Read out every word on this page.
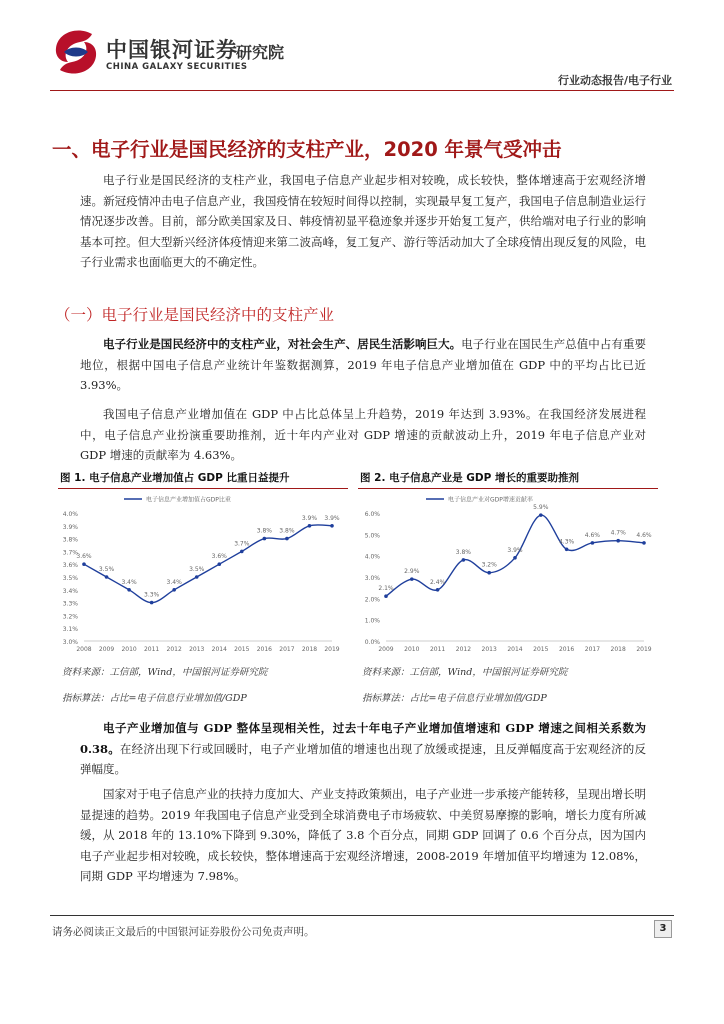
中国银河证券
CHINA GALAXY SECURITIES
研究院
行业动态报告/电子行业
一、电子行业是国民经济的支柱产业，2020 年景气受冲击

电子行业是国民经济的支柱产业，我国电子信息产业起步相对较晚，成长较快，整体增速高于宏观经济增速。新冠疫情冲击电子信息产业，我国疫情在较短时间得以控制，实现最早复工复产，我国电子信息制造业运行情况逐步改善。目前，部分欧美国家及日、韩疫情初显平稳迹象并逐步开始复工复产，供给端对电子行业的影响基本可控。但大型新兴经济体疫情迎来第二波高峰，复工复产、游行等活动加大了全球疫情出现反复的风险，电子行业需求也面临更大的不确定性。

（一）电子行业是国民经济中的支柱产业

电子行业是国民经济中的支柱产业，对社会生产、居民生活影响巨大。电子行业在国民生产总值中占有重要地位，根据中国电子信息产业统计年鉴数据测算，2019 年电子信息产业增加值在 GDP 中的平均占比已近 3.93%。

我国电子信息产业增加值在 GDP 中占比总体呈上升趋势，2019 年达到 3.93%。在我国经济发展进程中，电子信息产业扮演重要助推剂，近十年内产业对 GDP 增速的贡献波动上升，2019 年电子信息产业对 GDP 增速的贡献率为 4.63%。

图 1. 电子信息产业增加值占 GDP 比重日益提升
3.0%
3.1%
3.2%
3.3%
3.4%
3.5%
3.6%
3.7%
3.8%
3.9%
4.0%
2008 2009 2010 2011 2012 2013 2014 2015 2016 2017 2018 2019
电子信息产业增加值占GDP比重
3.6%
3.5%
3.4%
3.3%
3.4%
3.5%
3.6%
3.7%
3.8% 3.8%
3.9% 3.9%
资料来源：工信部，Wind，中国银河证券研究院
指标算法：占比=电子信息行业增加值/GDP
图 2. 电子信息产业是 GDP 增长的重要助推剂
0.0%
1.0%
2.0%
3.0%
4.0%
5.0%
6.0%
2009 2010 2011 2012 2013 2014 2015 2016 2017 2018 2019
电子信息产业对GDP增速贡献率
2.1%
2.9%
2.4%
3.8%
3.2%
3.9%
5.9%
4.3%
4.6% 4.7% 4.6%
资料来源：工信部，Wind，中国银河证券研究院
指标算法：占比=电子信息行业增加值/GDP

电子产业增加值与 GDP 整体呈现相关性，过去十年电子产业增加值增速和 GDP 增速之间相关系数为 0.38。在经济出现下行或回暖时，电子产业增加值的增速也出现了放缓或提速，且反弹幅度高于宏观经济的反弹幅度。

国家对于电子信息产业的扶持力度加大、产业支持政策频出，电子产业进一步承接产能转移，呈现出增长明显提速的趋势。2019 年我国电子信息产业受到全球消费电子市场疲软、中美贸易摩擦的影响，增长力度有所减缓，从 2018 年的 13.10%下降到 9.30%，降低了 3.8 个百分点，同期 GDP 回调了 0.6 个百分点，因为国内电子产业起步相对较晚，成长较快，整体增速高于宏观经济增速，2008-2019 年增加值平均增速为 12.08%，同期 GDP 平均增速为 7.98%。

请务必阅读正文最后的中国银河证券股份公司免责声明。	3
